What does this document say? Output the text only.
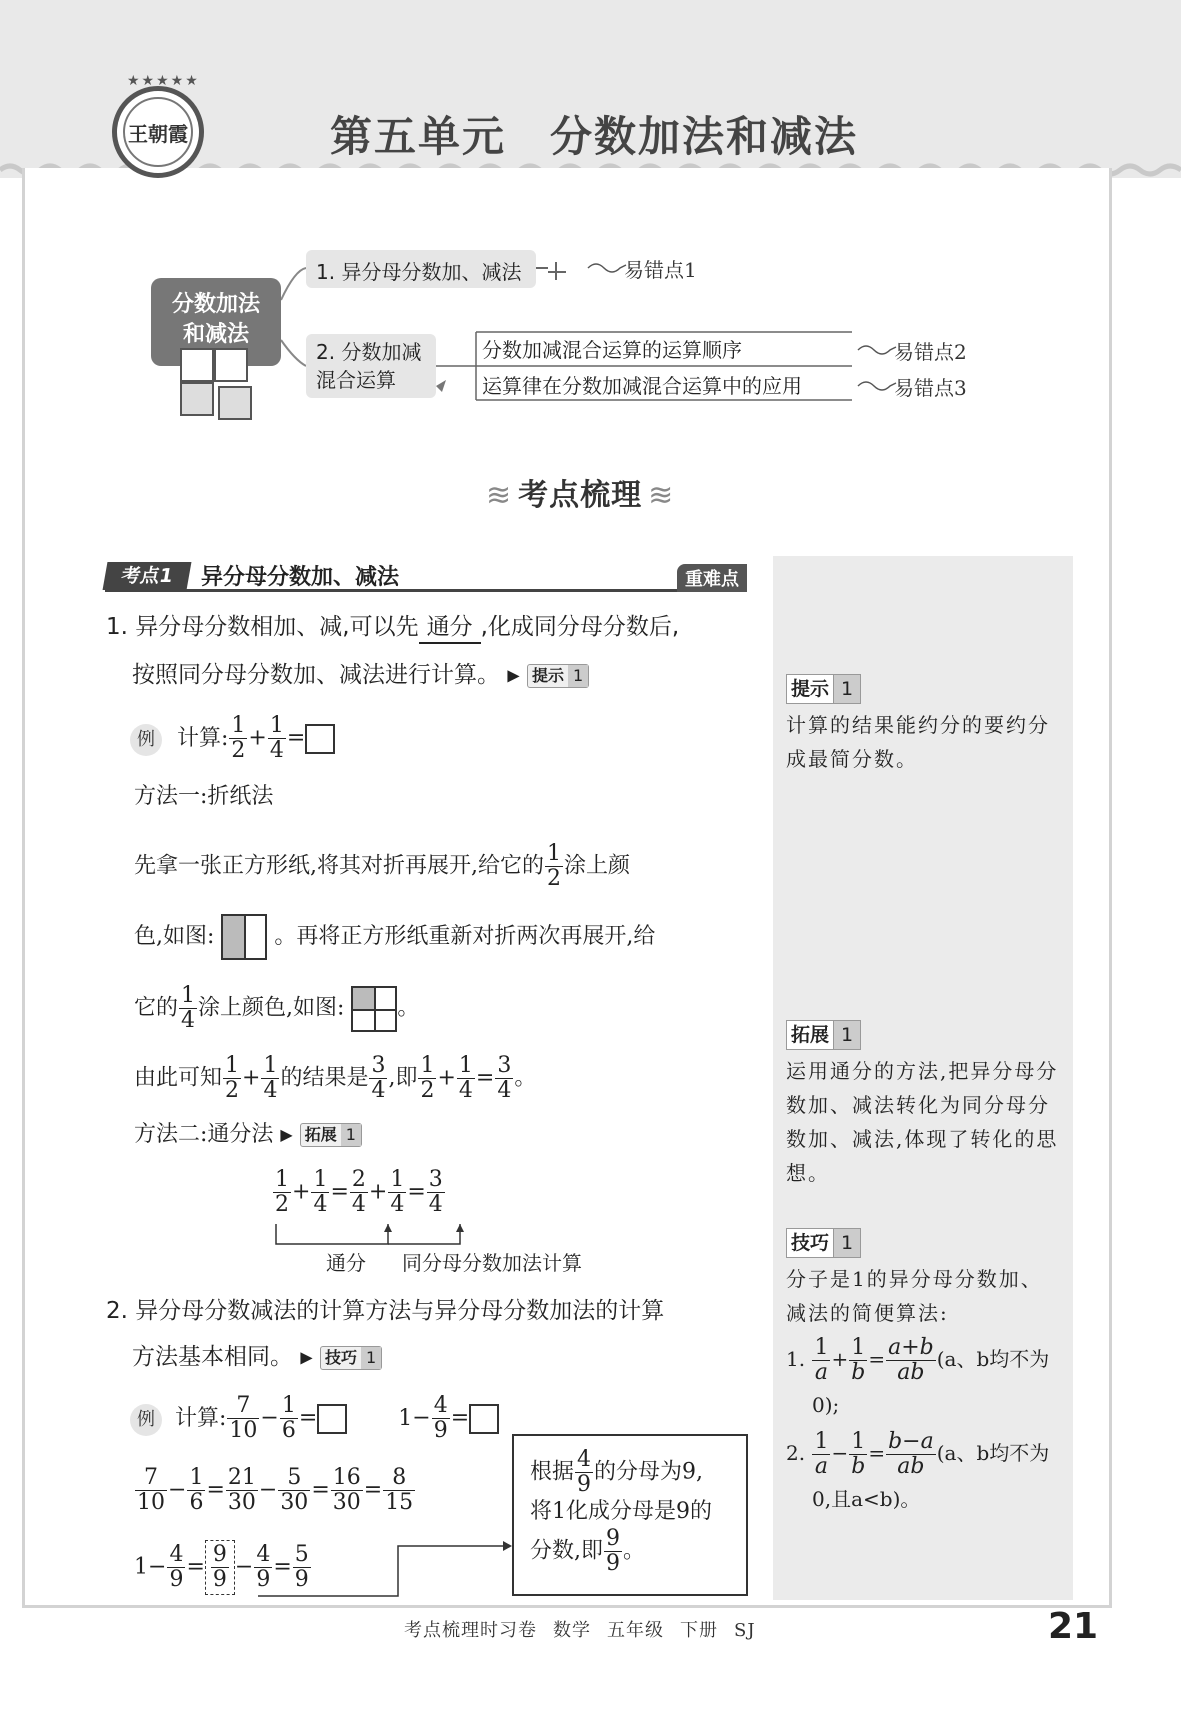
★★★★★
王朝霞	第五单元 分数加法和减法
分数加法
和减法
1. 异分母分数加、减法	易错点1
2. 分数加减
混合运算
分数加减混合运算的运算顺序	易错点2
运算律在分数加减混合运算中的应用	易错点3
≋ 考点梳理 ≋
提示 1
计算的结果能约分的要约分成最简分数。
拓展 1
运用通分的方法,把异分母分数加、减法转化为同分母分数加、减法,体现了转化的思想。
技巧 1
分子是1的异分母分数加、减法的简便算法:
1. $\frac{1}{a} + \frac{1}{b} = \frac{a+b}{ab} (a$、b均不为
0);
2. $\frac{1}{a} - \frac{1}{b} = \frac{b-a}{ab} (a$、b均不为
0,且a<b)。
考点1	异分母分数加、减法	重难点
1. 异分母分数相加、减,可以先 通分 ,化成同分母分数后,
按照同分母分数加、减法进行计算。 ▶ 提示 1
例 计算: $\frac{1}{2} + \frac{1}{4}$ =
方法一:折纸法
先拿一张正方形纸,将其对折再展开,给它的 $\frac{1}{2}$ 涂上颜
色,如图:	。再将正方形纸重新对折两次再展开,给
它的 $\frac{1}{4}$ 涂上颜色,如图: 。
由此可知 $\frac{1}{2} + \frac{1}{4}$ 的结果是 $\frac{3}{4}$ ,即 $\frac{1}{2} + \frac{1}{4} = \frac{3}{4}$ 。
方法二:通分法 ▶ 拓展 1
$\frac{1}{2} + \frac{1}{4} = \frac{2}{4} + \frac{1}{4} = \frac{3}{4}$
通分 同分母分数加法计算
2. 异分母分数减法的计算方法与异分母分数加法的计算
方法基本相同。 ▶ 技巧 1
例 计算: $\frac{7}{10} - \frac{1}{6}$ =	$1- \frac{4}{9}$ =
$\frac{7}{10} - \frac{1}{6} = \frac{21}{30} - \frac{5}{30} = \frac{16}{30} = \frac{8}{15}$
$1- \frac{4}{9} = \frac{9}{9} - \frac{4}{9} = \frac{5}{9}$
根据 $\frac{4}{9}$ 的分母为9,
将1化成分母是9的
分数,即 $\frac{9}{9}$ 。
考点梳理时习卷 数学 五年级 下册 SJ	21
